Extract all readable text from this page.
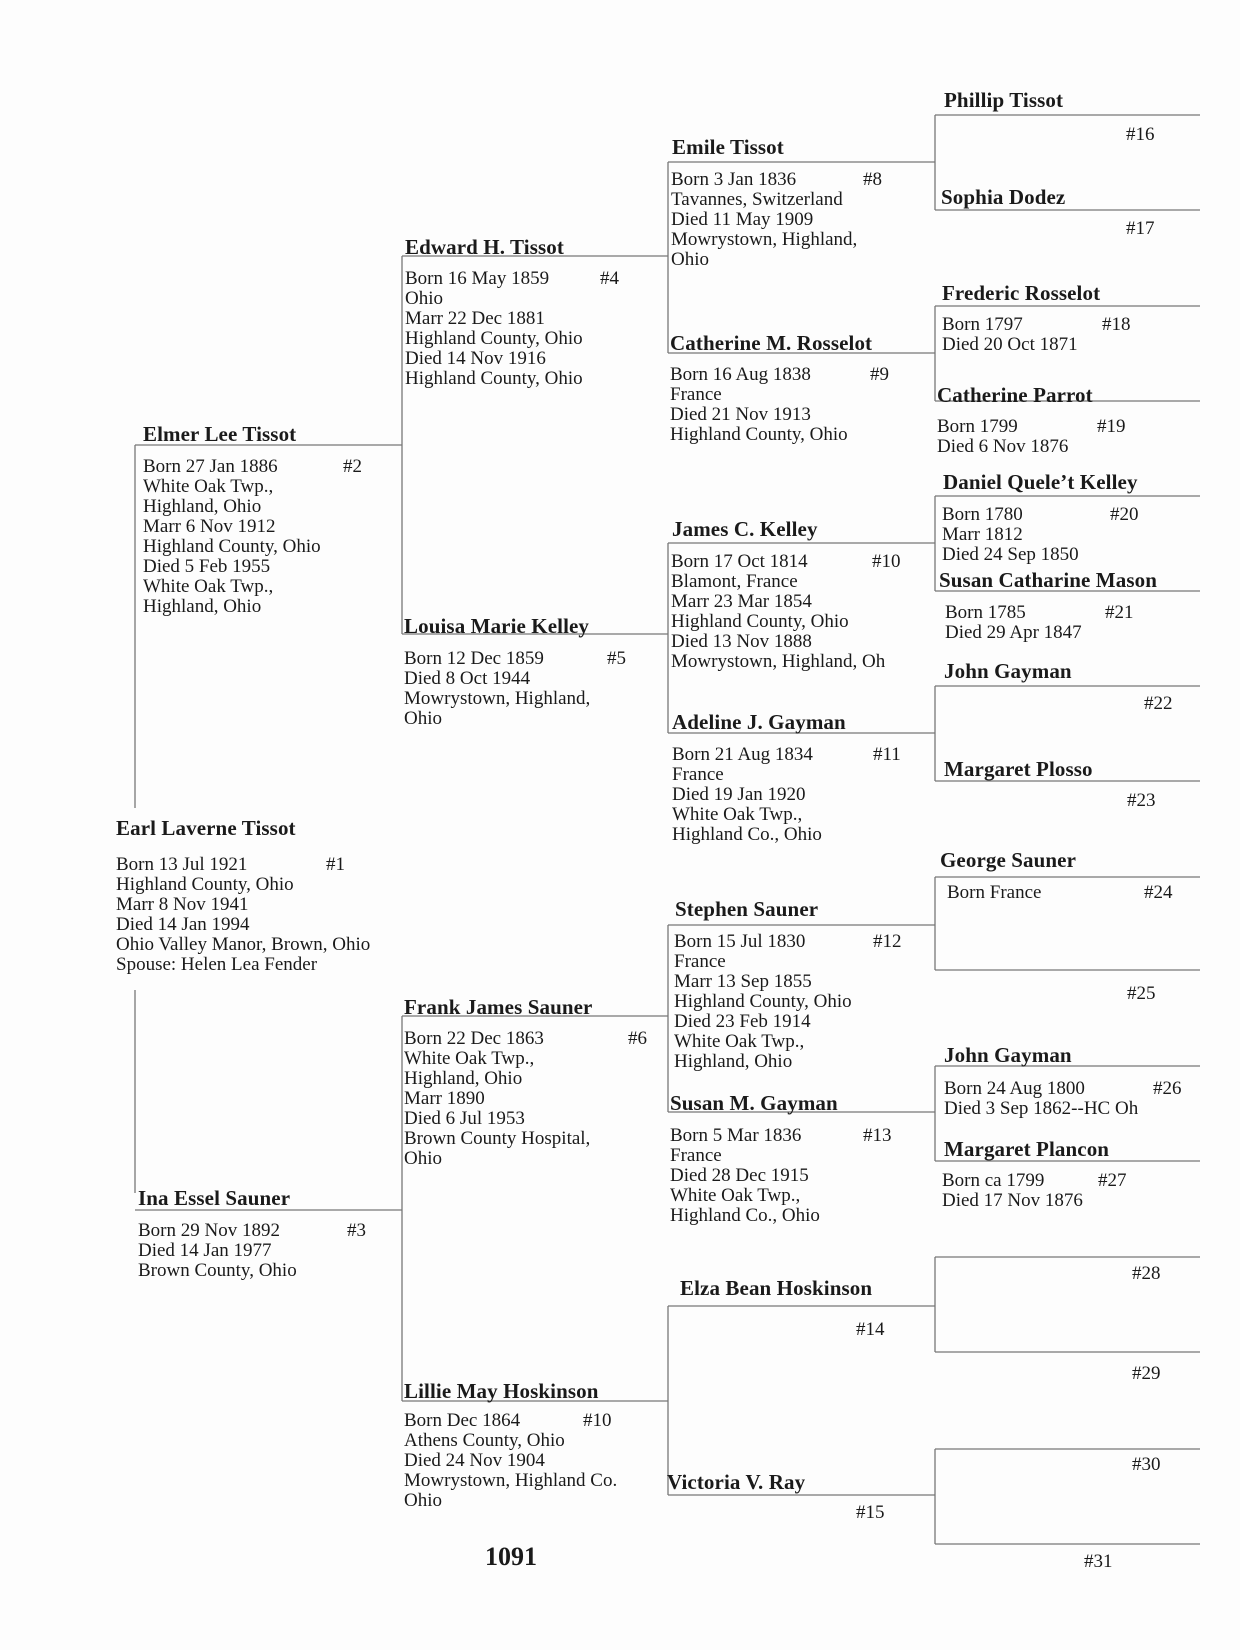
Earl Laverne Tissot
Born 13 Jul 1921
Highland County, Ohio
Marr 8 Nov 1941
Died 14 Jan 1994
Ohio Valley Manor, Brown, Ohio
Spouse: Helen Lea Fender
#1
Elmer Lee Tissot
Born 27 Jan 1886
White Oak Twp.,
Highland, Ohio
Marr 6 Nov 1912
Highland County, Ohio
Died 5 Feb 1955
White Oak Twp.,
Highland, Ohio
#2
Ina Essel Sauner
Born 29 Nov 1892
Died 14 Jan 1977
Brown County, Ohio
#3
Edward H. Tissot
Born 16 May 1859
Ohio
Marr 22 Dec 1881
Highland County, Ohio
Died 14 Nov 1916
Highland County, Ohio
#4
Louisa Marie Kelley
Born 12 Dec 1859
Died 8 Oct 1944
Mowrystown, Highland,
Ohio
#5
Frank James Sauner
Born 22 Dec 1863
White Oak Twp.,
Highland, Ohio
Marr 1890
Died 6 Jul 1953
Brown County Hospital,
Ohio
#6
Lillie May Hoskinson
Born Dec 1864
Athens County, Ohio
Died 24 Nov 1904
Mowrystown, Highland Co.
Ohio
#10
Emile Tissot
Born 3 Jan 1836
Tavannes, Switzerland
Died 11 May 1909
Mowrystown, Highland,
Ohio
#8
Catherine M. Rosselot
Born 16 Aug 1838
France
Died 21 Nov 1913
Highland County, Ohio
#9
James C. Kelley
Born 17 Oct 1814
Blamont, France
Marr 23 Mar 1854
Highland County, Ohio
Died 13 Nov 1888
Mowrystown, Highland, Oh
#10
Adeline J. Gayman
Born 21 Aug 1834
France
Died 19 Jan 1920
White Oak Twp.,
Highland Co., Ohio
#11
Stephen Sauner
Born 15 Jul 1830
France
Marr 13 Sep 1855
Highland County, Ohio
Died 23 Feb 1914
White Oak Twp.,
Highland, Ohio
#12
Susan M. Gayman
Born 5 Mar 1836
France
Died 28 Dec 1915
White Oak Twp.,
Highland Co., Ohio
#13
Elza Bean Hoskinson
#14
Victoria V. Ray
#15
Phillip Tissot
#16
Sophia Dodez
#17
Frederic Rosselot
Born 1797
Died 20 Oct 1871
#18
Catherine Parrot
Born 1799
Died 6 Nov 1876
#19
Daniel Quele’t Kelley
Born 1780
Marr 1812
Died 24 Sep 1850
#20
Susan Catharine Mason
Born 1785
Died 29 Apr 1847
#21
John Gayman
#22
Margaret Plosso
#23
George Sauner
Born France	#24
#25
John Gayman
Born 24 Aug 1800
Died 3 Sep 1862--HC Oh
#26
Margaret Plancon
Born ca 1799
Died 17 Nov 1876
#27
#28
#29
#30
#31
1091
